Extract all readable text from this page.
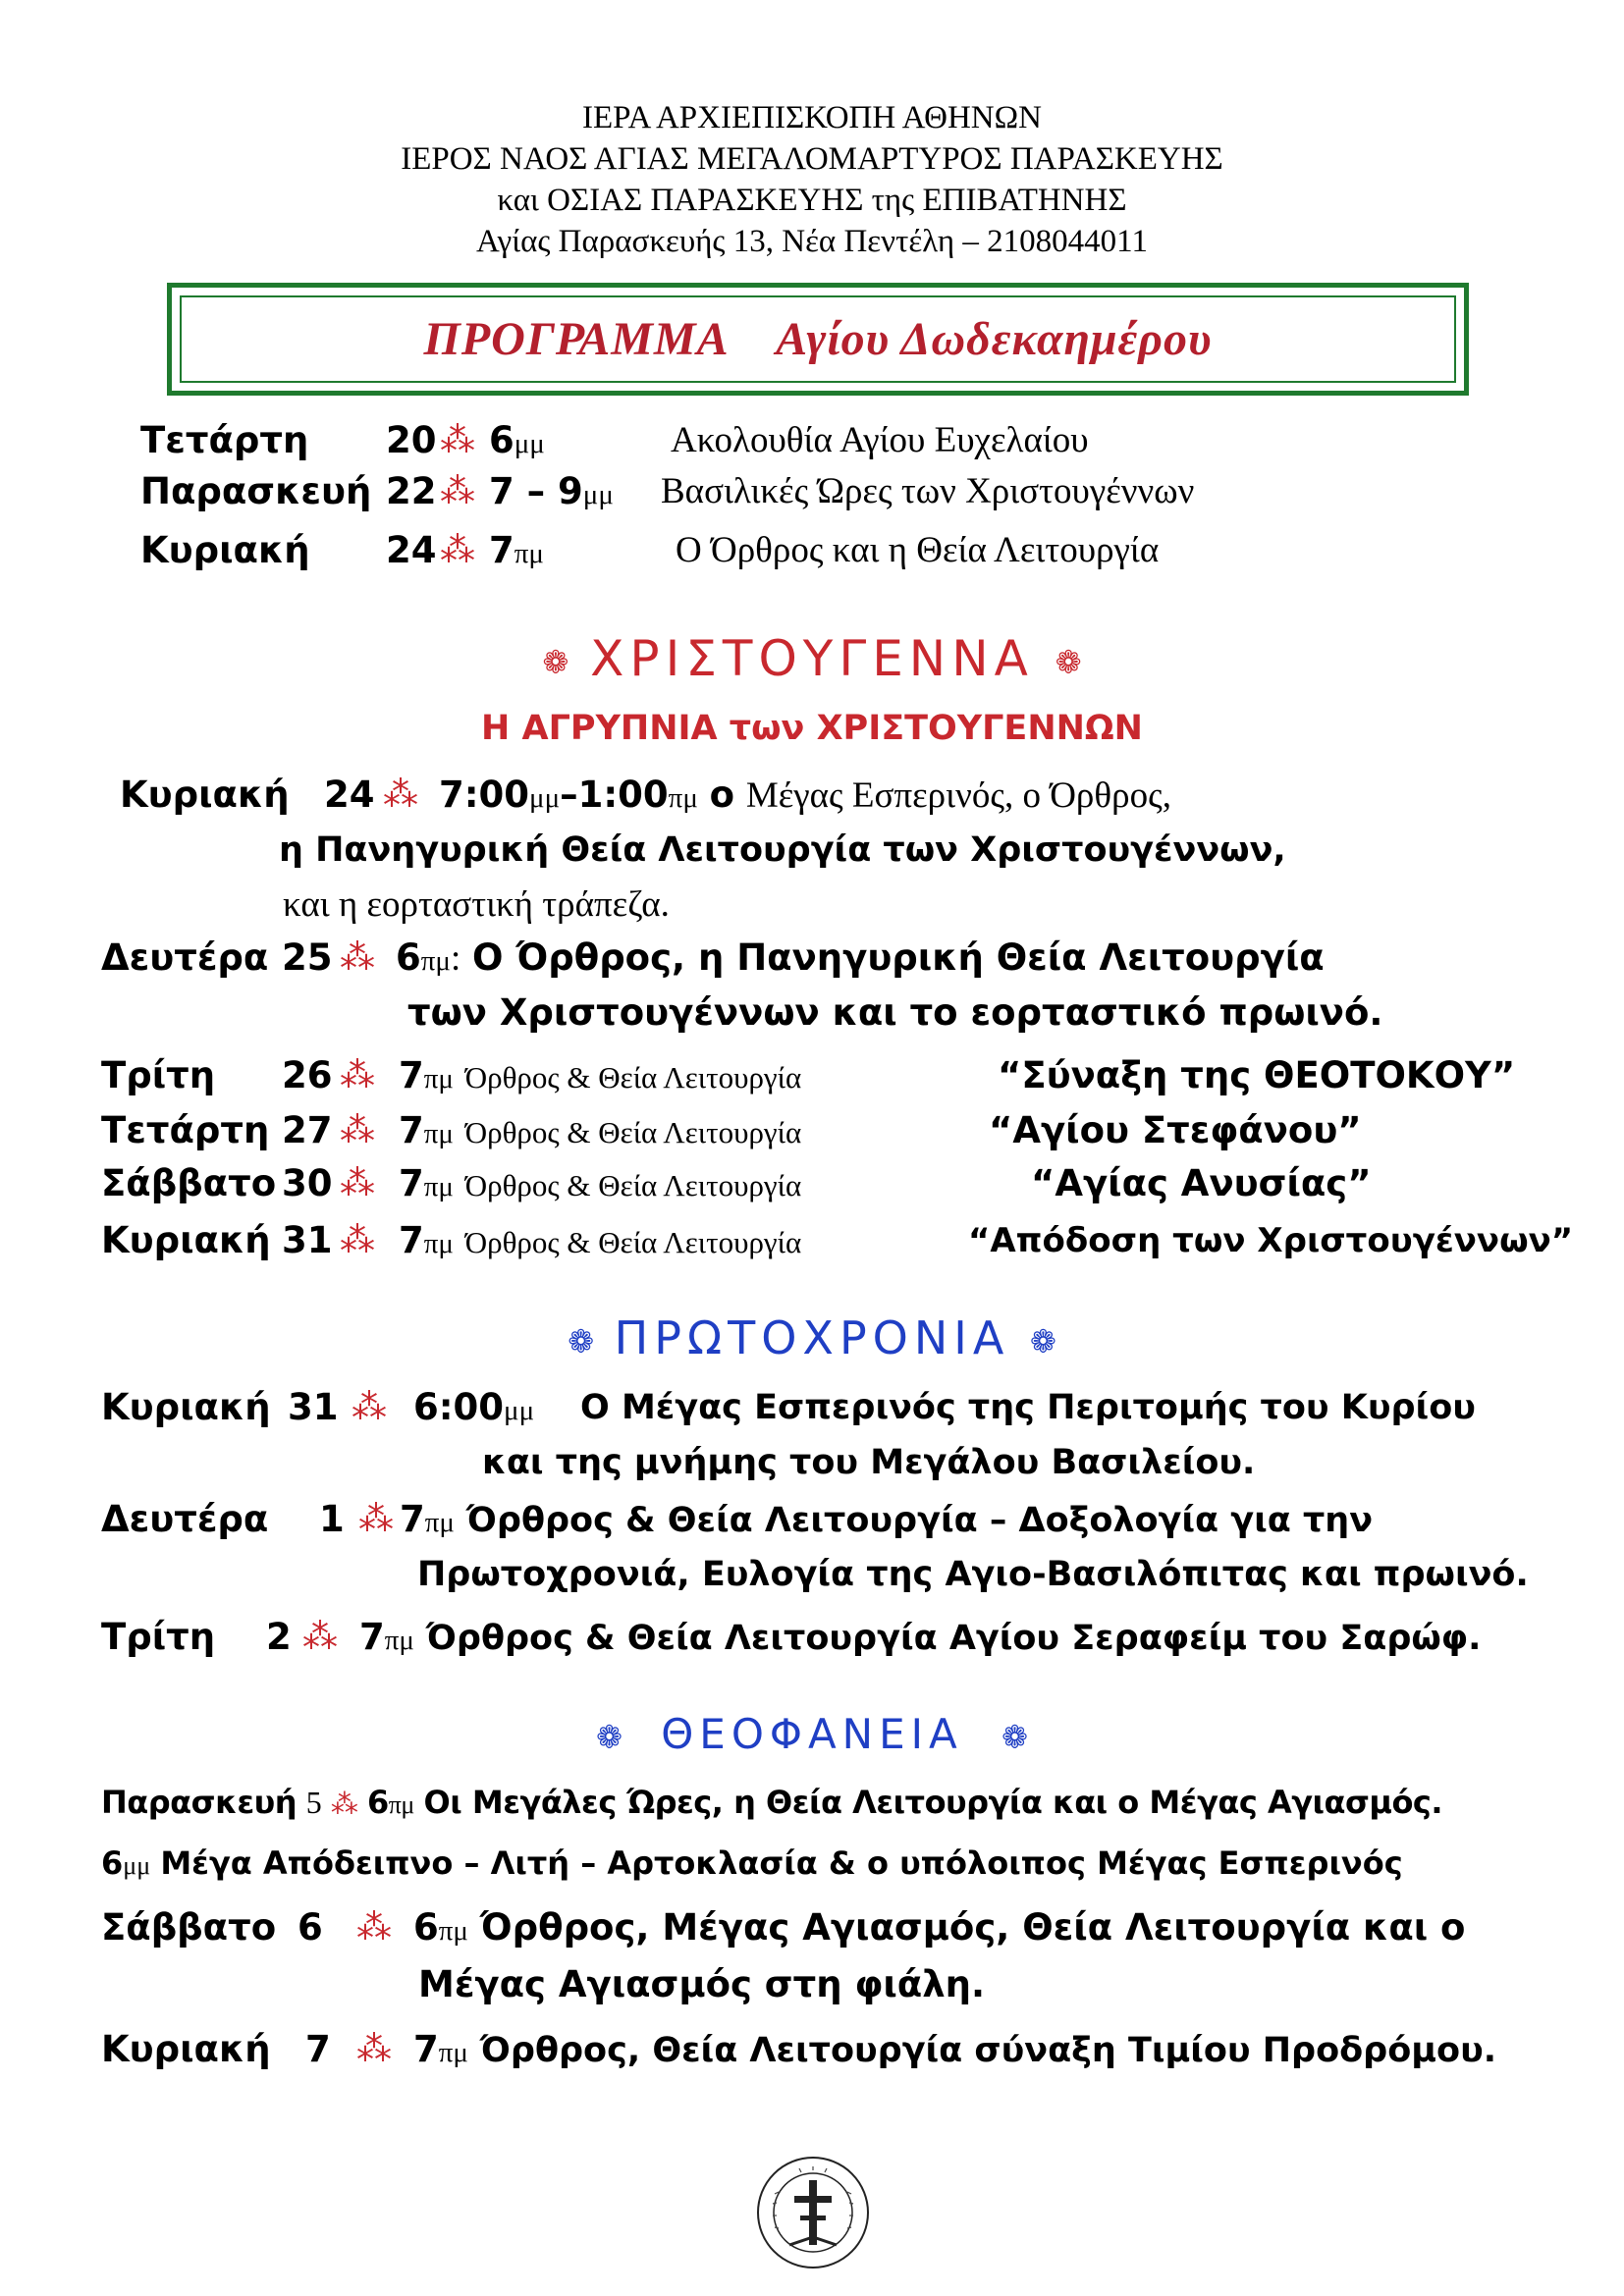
ΙΕΡΑ ΑΡΧΙΕΠΙΣΚΟΠΗ ΑΘΗΝΩΝ
ΙΕΡΟΣ ΝΑΟΣ ΑΓΙΑΣ ΜΕΓΑΛΟΜΑΡΤΥΡΟΣ ΠΑΡΑΣΚΕΥΗΣ
και ΟΣΙΑΣ ΠΑΡΑΣΚΕΥΗΣ της ΕΠΙΒΑΤΗΝΗΣ
Αγίας Παρασκευής 13, Νέα Πεντέλη – 2108044011
ΠΡΟΓΡΑΜΜΑ    Αγίου Δωδεκαημέρου
Τετάρτη 20 ⁂ 6μμ	Ακολουθία Αγίου Ευχελαίου
Παρασκευή 22 ⁂ 7 – 9μμ Βασιλικές Ώρες των Χριστουγέννων
Κυριακή 24 ⁂ 7πμ	Ο Όρθρος και η Θεία Λειτουργία
❁ ΧΡΙΣΤΟΥΓΕΝΝΑ ❁
Η ΑΓΡΥΠΝΙΑ των ΧΡΙΣΤΟΥΓΕΝΝΩΝ
Κυριακή 24 ⁂ 7:00μμ–1:00πμ ο Μέγας Εσπερινός, ο Όρθρος,
η Πανηγυρική Θεία Λειτουργία των Χριστουγέννων,
και η εορταστική τράπεζα.
Δευτέρα 25 ⁂ 6πμ: Ο Όρθρος, η Πανηγυρική Θεία Λειτουργία
των Χριστουγέννων και το εορταστικό πρωινό.
Τρίτη 26 ⁂ 7πμ Όρθρος & Θεία Λειτουργία	“Σύναξη της ΘΕΟΤΟΚΟΥ”
Τετάρτη 27 ⁂ 7πμ Όρθρος & Θεία Λειτουργία	“Αγίου Στεφάνου”
Σάββατο 30 ⁂ 7πμ Όρθρος & Θεία Λειτουργία	“Αγίας Ανυσίας”
Κυριακή 31 ⁂ 7πμ Όρθρος & Θεία Λειτουργία	“Απόδοση των Χριστουγέννων”
❁ ΠΡΩΤΟΧΡΟΝΙΑ ❁
Κυριακή 31 ⁂ 6:00μμ Ο Μέγας Εσπερινός της Περιτομής του Κυρίου
και της μνήμης του Μεγάλου Βασιλείου.
Δευτέρα 1 ⁂ 7πμ Όρθρος & Θεία Λειτουργία – Δοξολογία για την
Πρωτοχρονιά, Ευλογία της Αγιο-Βασιλόπιτας και πρωινό.
Τρίτη 2 ⁂ 7πμ Όρθρος & Θεία Λειτουργία Αγίου Σεραφείμ του Σαρώφ.
❁ ΘΕΟΦΑΝΕΙΑ ❁
Παρασκευή 5 ⁂ 6πμ Οι Μεγάλες Ώρες, η Θεία Λειτουργία και ο Μέγας Αγιασμός.
6μμ Μέγα Απόδειπνο – Λιτή – Αρτοκλασία & ο υπόλοιπος Μέγας Εσπερινός
Σάββατο 6 ⁂ 6πμ Όρθρος, Μέγας Αγιασμός, Θεία Λειτουργία και ο
Μέγας Αγιασμός στη φιάλη.
Κυριακή 7 ⁂ 7πμ Όρθρος, Θεία Λειτουργία σύναξη Τιμίου Προδρόμου.
